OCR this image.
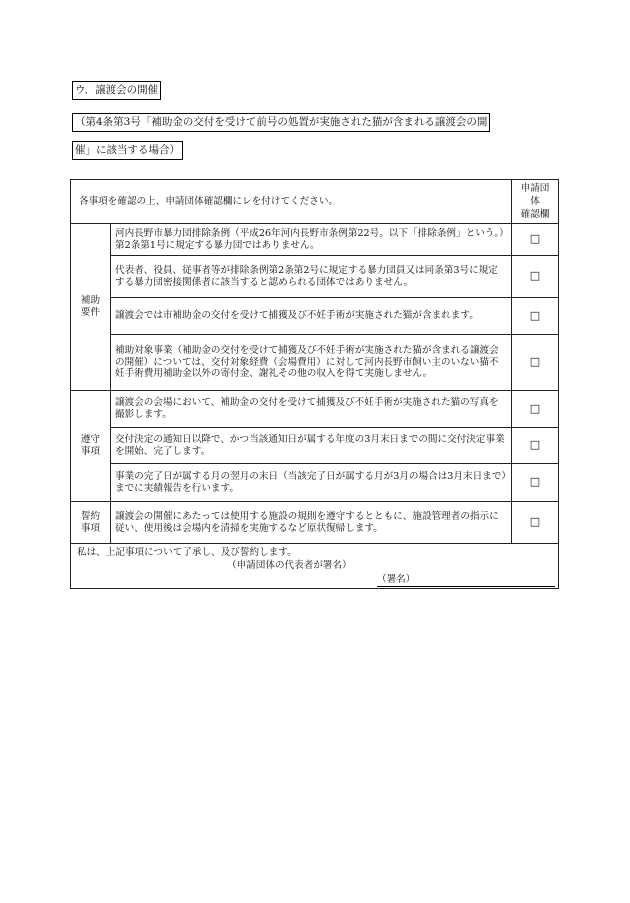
ウ．譲渡会の開催
（第4条第3号「補助金の交付を受けて前号の処置が実施された猫が含まれる譲渡会の開
催」に該当する場合）
各事項を確認の上、申請団体確認欄にレを付けてください。		申請団体
確認欄

補助要件	河内長野市暴力団排除条例（平成26年河内長野市条例第22号。以下「排除条例」という。）第2条第1号に規定する暴力団ではありません。	□
	代表者、役員、従事者等が排除条例第2条第2号に規定する暴力団員又は同条第3号に規定する暴力団密接関係者に該当すると認められる団体ではありません。	□
	譲渡会では市補助金の交付を受けて捕獲及び不妊手術が実施された猫が含まれます。	□
	補助対象事業（補助金の交付を受けて捕獲及び不妊手術が実施された猫が含まれる譲渡会の開催）については、交付対象経費（会場費用）に対して河内長野市飼い主のいない猫不妊手術費用補助金以外の寄付金、謝礼その他の収入を得て実施しません。	□
遵守事項	譲渡会の会場において、補助金の交付を受けて捕獲及び不妊手術が実施された猫の写真を撮影します。	□
	交付決定の通知日以降で、かつ当該通知日が属する年度の3月末日までの間に交付決定事業を開始、完了します。	□
	事業の完了日が属する月の翌月の末日（当該完了日が属する月が3月の場合は3月末日まで）までに実績報告を行います。	□
誓約事項	譲渡会の開催にあたっては使用する施設の規則を遵守するとともに、施設管理者の指示に従い、使用後は会場内を清掃を実施するなど原状復帰します。	□

私は、上記事項について了承し、及び誓約します。
（申請団体の代表者が署名）
（署名）		
